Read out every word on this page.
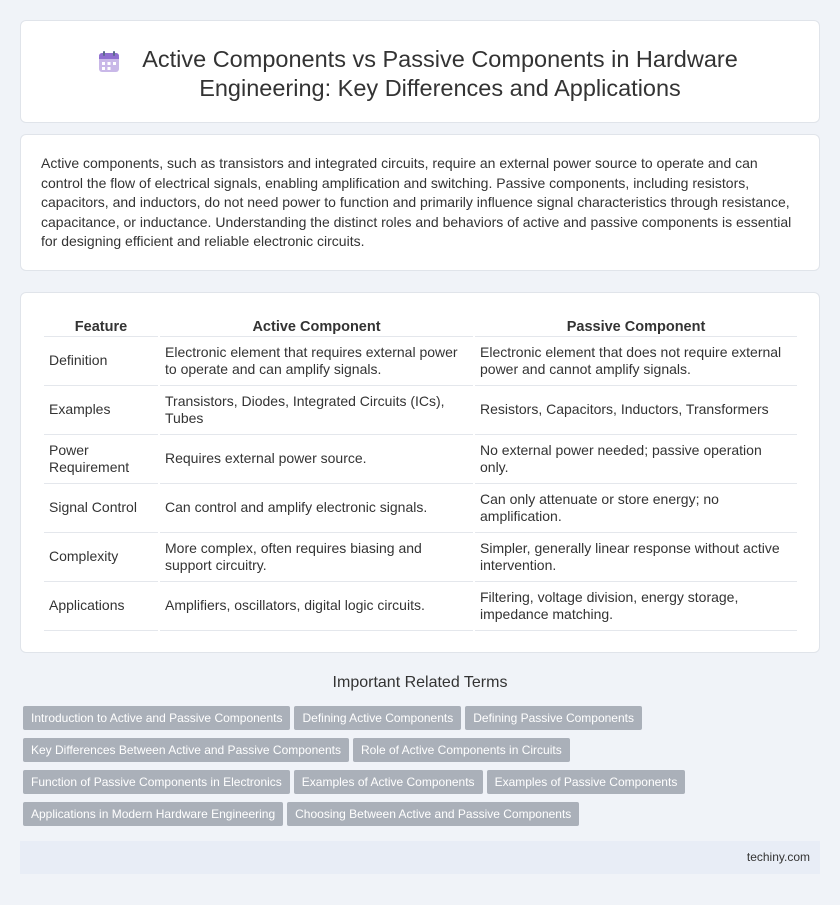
Active Components vs Passive Components in Hardware Engineering: Key Differences and Applications

Active components, such as transistors and integrated circuits, require an external power source to operate and can control the flow of electrical signals, enabling amplification and switching. Passive components, including resistors, capacitors, and inductors, do not need power to function and primarily influence signal characteristics through resistance, capacitance, or inductance. Understanding the distinct roles and behaviors of active and passive components is essential for designing efficient and reliable electronic circuits.

Feature	Active Component	Passive Component
Definition	Electronic element that requires external power to operate and can amplify signals.	Electronic element that does not require external power and cannot amplify signals.
Examples	Transistors, Diodes, Integrated Circuits (ICs), Tubes	Resistors, Capacitors, Inductors, Transformers
Power Requirement	Requires external power source.	No external power needed; passive operation only.
Signal Control	Can control and amplify electronic signals.	Can only attenuate or store energy; no amplification.
Complexity	More complex, often requires biasing and support circuitry.	Simpler, generally linear response without active intervention.
Applications	Amplifiers, oscillators, digital logic circuits.	Filtering, voltage division, energy storage, impedance matching.
Important Related Terms
Introduction to Active and Passive Components Defining Active Components Defining Passive Components
Key Differences Between Active and Passive Components Role of Active Components in Circuits
Function of Passive Components in Electronics Examples of Active Components Examples of Passive Components
Applications in Modern Hardware Engineering Choosing Between Active and Passive Components
techiny.com
